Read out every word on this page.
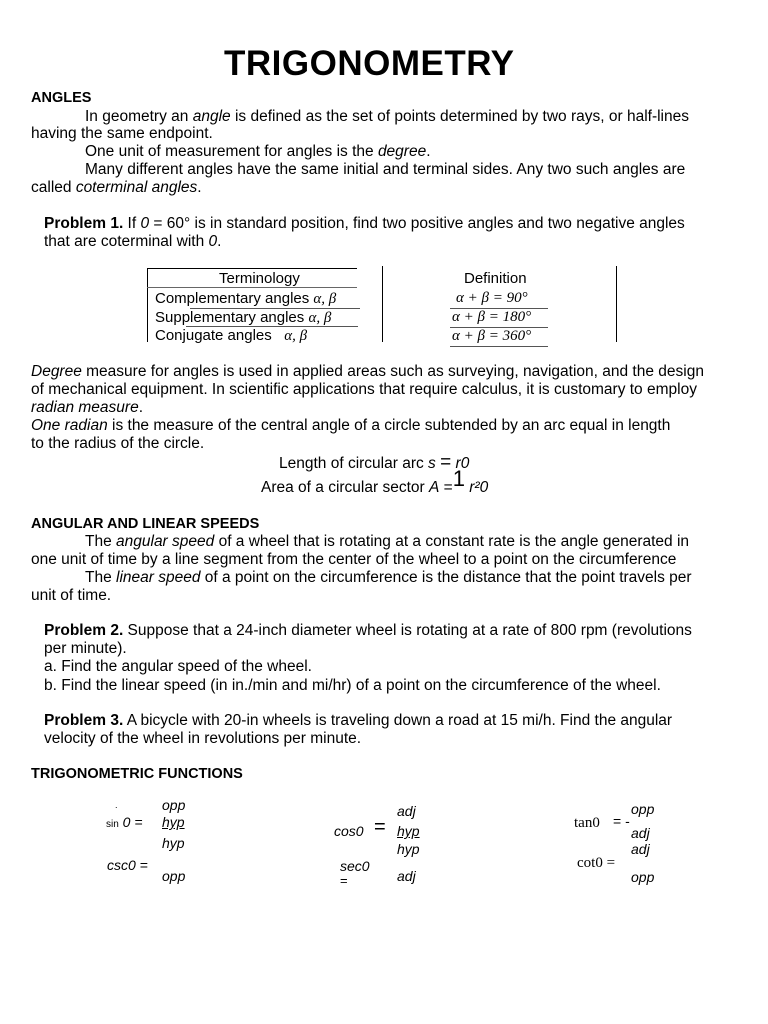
TRIGONOMETRY
ANGLES
In geometry an angle is defined as the set of points determined by two rays, or half-lines
having the same endpoint.
One unit of measurement for angles is the degree.
Many different angles have the same initial and terminal sides. Any two such angles are
called coterminal angles.
Problem 1. If 0 = 60° is in standard position, find two positive angles and two negative angles
that are coterminal with 0.
Terminology	Definition
Complementary angles α, β	α + β = 90°
Supplementary angles α, β	α + β = 180°
Conjugate angles α, β	α + β = 360°
Degree measure for angles is used in applied areas such as surveying, navigation, and the design
of mechanical equipment. In scientific applications that require calculus, it is customary to employ
radian measure.
One radian is the measure of the central angle of a circle subtended by an arc equal in length
to the radius of the circle.
Length of circular arc s = r0
Area of a circular sector A =1 r²0
ANGULAR AND LINEAR SPEEDS
The angular speed of a wheel that is rotating at a constant rate is the angle generated in
one unit of time by a line segment from the center of the wheel to a point on the circumference
The linear speed of a point on the circumference is the distance that the point travels per
unit of time.
Problem 2. Suppose that a 24-inch diameter wheel is rotating at a rate of 800 rpm (revolutions
per minute).
a. Find the angular speed of the wheel.
b. Find the linear speed (in in./min and mi/hr) of a point on the circumference of the wheel.
Problem 3. A bicycle with 20-in wheels is traveling down a road at 15 mi/h. Find the angular
velocity of the wheel in revolutions per minute.
TRIGONOMETRIC FUNCTIONS
.	opp
sin 0 = hyp
hyp
csc0 =
opp
adj
cos0 = hyp
hyp
sec0
=	adj
opp
tan0 = -
adj
adj
cot0 =
opp
